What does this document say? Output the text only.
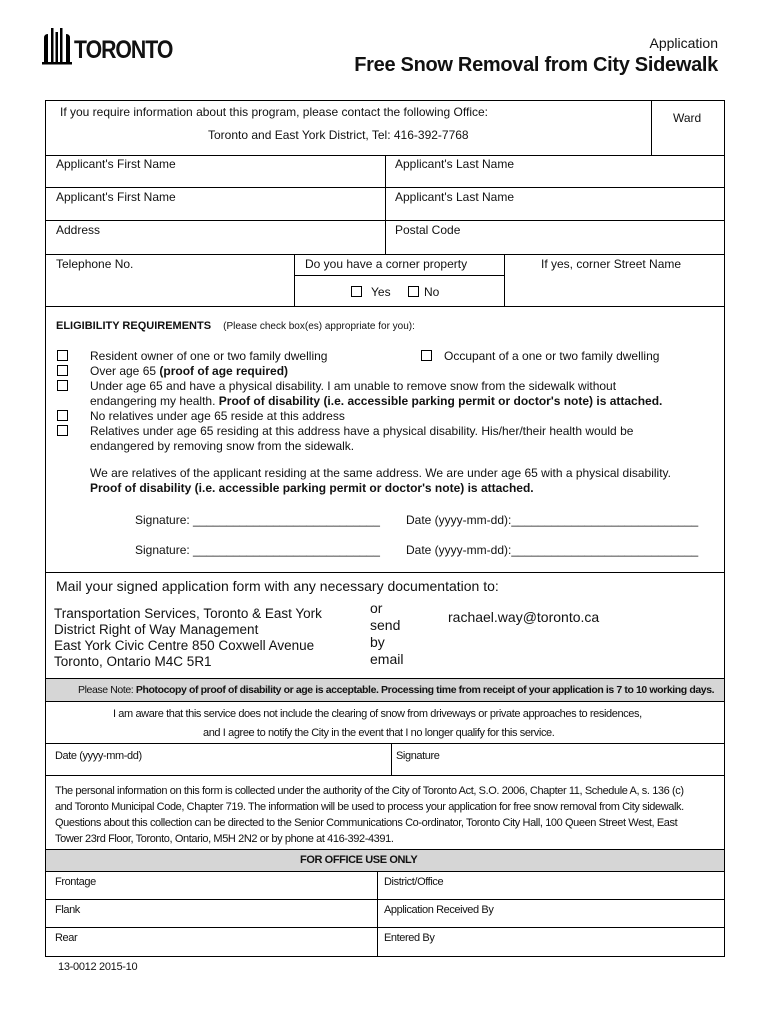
TORONTO	Application
Free Snow Removal from City Sidewalk
If you require information about this program, please contact the following Office:
Toronto and East York District, Tel: 416-392-7768
Ward
Applicant's First Name	Applicant's Last Name
Applicant's First Name	Applicant's Last Name
Address	Postal Code
Telephone No.	Do you have a corner property	If yes, corner Street Name
Yes	No
ELIGIBILITY REQUIREMENTS (Please check box(es) appropriate for you):
Resident owner of one or two family dwelling	Occupant of a one or two family dwelling
Over age 65 (proof of age required)
Under age 65 and have a physical disability. I am unable to remove snow from the sidewalk without
endangering my health. Proof of disability (i.e. accessible parking permit or doctor's note) is attached.
No relatives under age 65 reside at this address
Relatives under age 65 residing at this address have a physical disability. His/her/their health would be
endangered by removing snow from the sidewalk.
We are relatives of the applicant residing at the same address. We are under age 65 with a physical disability.
Proof of disability (i.e. accessible parking permit or doctor's note) is attached.
Signature: ____________________________ Date (yyyy-mm-dd):____________________________
Signature: ____________________________ Date (yyyy-mm-dd):____________________________
Mail your signed application form with any necessary documentation to:
Transportation Services, Toronto & East York
District Right of Way Management
East York Civic Centre 850 Coxwell Avenue
Toronto, Ontario M4C 5R1
or
send
by
email
rachael.way@toronto.ca
Please Note: Photocopy of proof of disability or age is acceptable. Processing time from receipt of your application is 7 to 10 working days.
I am aware that this service does not include the clearing of snow from driveways or private approaches to residences,
and I agree to notify the City in the event that I no longer qualify for this service.
Date (yyyy-mm-dd)	Signature
The personal information on this form is collected under the authority of the City of Toronto Act, S.O. 2006, Chapter 11, Schedule A, s. 136 (c)
and Toronto Municipal Code, Chapter 719. The information will be used to process your application for free snow removal from City sidewalk.
Questions about this collection can be directed to the Senior Communications Co-ordinator, Toronto City Hall, 100 Queen Street West, East
Tower 23rd Floor, Toronto, Ontario, M5H 2N2 or by phone at 416-392-4391.
FOR OFFICE USE ONLY
Frontage	District/Office
Flank	Application Received By
Rear	Entered By
13-0012 2015-10
